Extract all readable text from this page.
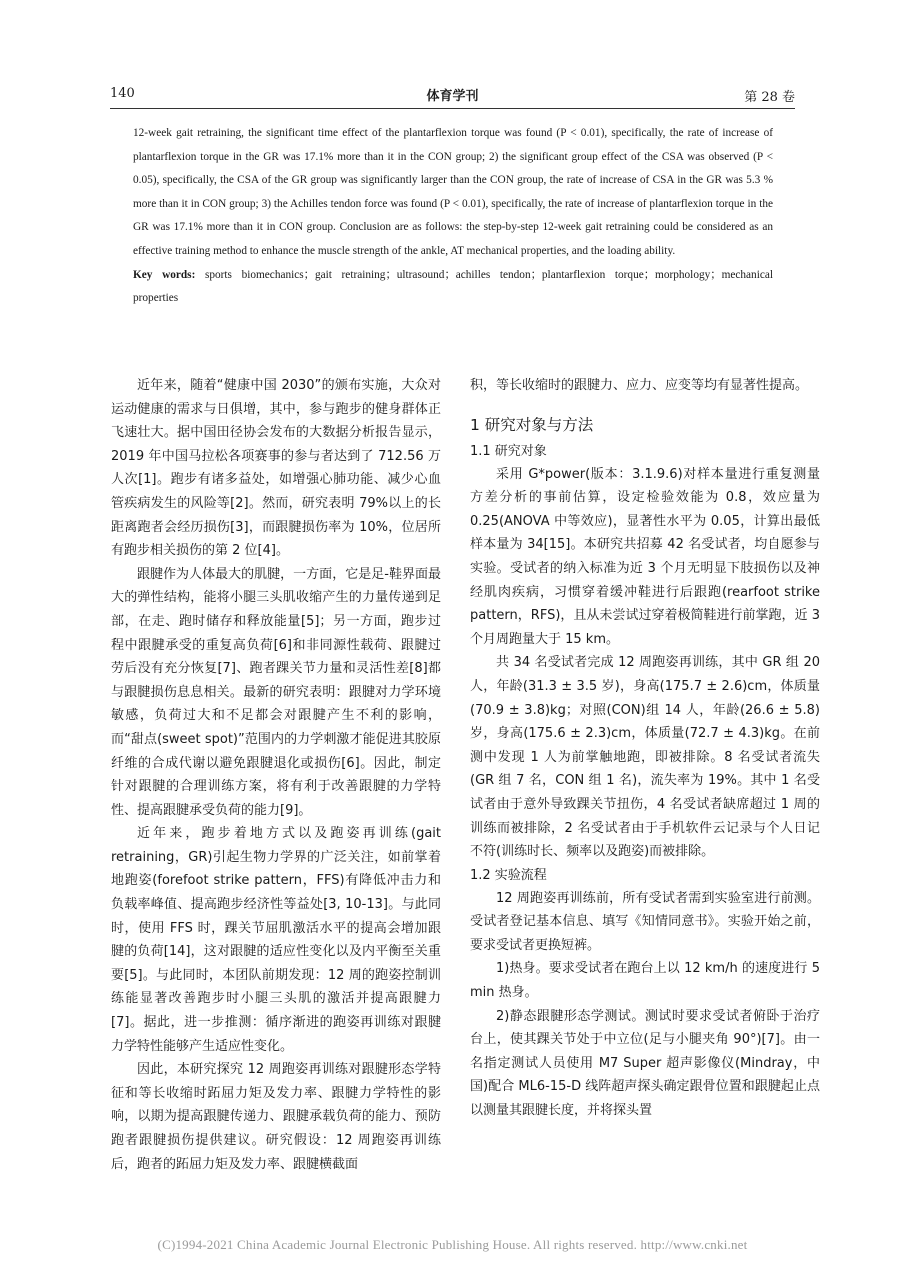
140	体育学刊	第 28 卷

12-week gait retraining, the significant time effect of the plantarflexion torque was found (P < 0.01), specifically, the rate of increase of plantarflexion torque in the GR was 17.1% more than it in the CON group; 2) the significant group effect of the CSA was observed (P < 0.05), specifically, the CSA of the GR group was significantly larger than the CON group, the rate of increase of CSA in the GR was 5.3 % more than it in CON group; 3) the Achilles tendon force was found (P < 0.01), specifically, the rate of increase of plantarflexion torque in the GR was 17.1% more than it in CON group. Conclusion are as follows: the step-by-step 12-week gait retraining could be considered as an effective training method to enhance the muscle strength of the ankle, AT mechanical properties, and the loading ability.

Key words: sports biomechanics；gait retraining；ultrasound；achilles tendon；plantarflexion torque；morphology；mechanical properties

近年来，随着“健康中国 2030”的颁布实施，大众对运动健康的需求与日俱增，其中，参与跑步的健身群体正飞速壮大。据中国田径协会发布的大数据分析报告显示，2019 年中国马拉松各项赛事的参与者达到了 712.56 万人次[1]。跑步有诸多益处，如增强心肺功能、减少心血管疾病发生的风险等[2]。然而，研究表明 79%以上的长距离跑者会经历损伤[3]，而跟腱损伤率为 10%，位居所有跑步相关损伤的第 2 位[4]。

跟腱作为人体最大的肌腱，一方面，它是足-鞋界面最大的弹性结构，能将小腿三头肌收缩产生的力量传递到足部，在走、跑时储存和释放能量[5]；另一方面，跑步过程中跟腱承受的重复高负荷[6]和非同源性载荷、跟腱过劳后没有充分恢复[7]、跑者踝关节力量和灵活性差[8]都与跟腱损伤息息相关。最新的研究表明：跟腱对力学环境敏感，负荷过大和不足都会对跟腱产生不利的影响，而“甜点(sweet spot)”范围内的力学刺激才能促进其胶原纤维的合成代谢以避免跟腱退化或损伤[6]。因此，制定针对跟腱的合理训练方案，将有利于改善跟腱的力学特性、提高跟腱承受负荷的能力[9]。

近年来，跑步着地方式以及跑姿再训练(gait retraining，GR)引起生物力学界的广泛关注，如前掌着地跑姿(forefoot strike pattern，FFS)有降低冲击力和负载率峰值、提高跑步经济性等益处[3, 10-13]。与此同时，使用 FFS 时，踝关节屈肌激活水平的提高会增加跟腱的负荷[14]，这对跟腱的适应性变化以及内平衡至关重要[5]。与此同时，本团队前期发现：12 周的跑姿控制训练能显著改善跑步时小腿三头肌的激活并提高跟腱力[7]。据此，进一步推测：循序渐进的跑姿再训练对跟腱力学特性能够产生适应性变化。

因此，本研究探究 12 周跑姿再训练对跟腱形态学特征和等长收缩时跖屈力矩及发力率、跟腱力学特性的影响，以期为提高跟腱传递力、跟腱承载负荷的能力、预防跑者跟腱损伤提供建议。研究假设：12 周跑姿再训练后，跑者的跖屈力矩及发力率、跟腱横截面

积，等长收缩时的跟腱力、应力、应变等均有显著性提高。

1 研究对象与方法
1.1 研究对象

采用 G*power(版本：3.1.9.6)对样本量进行重复测量方差分析的事前估算，设定检验效能为 0.8，效应量为 0.25(ANOVA 中等效应)，显著性水平为 0.05，计算出最低样本量为 34[15]。本研究共招募 42 名受试者，均自愿参与实验。受试者的纳入标准为近 3 个月无明显下肢损伤以及神经肌肉疾病，习惯穿着缓冲鞋进行后跟跑(rearfoot strike pattern，RFS)，且从未尝试过穿着极简鞋进行前掌跑，近 3 个月周跑量大于 15 km。

共 34 名受试者完成 12 周跑姿再训练，其中 GR 组 20 人，年龄(31.3 ± 3.5 岁)，身高(175.7 ± 2.6)cm，体质量(70.9 ± 3.8)kg；对照(CON)组 14 人，年龄(26.6 ± 5.8)岁，身高(175.6 ± 2.3)cm，体质量(72.7 ± 4.3)kg。在前测中发现 1 人为前掌触地跑，即被排除。8 名受试者流失(GR 组 7 名，CON 组 1 名)，流失率为 19%。其中 1 名受试者由于意外导致踝关节扭伤，4 名受试者缺席超过 1 周的训练而被排除，2 名受试者由于手机软件云记录与个人日记不符(训练时长、频率以及跑姿)而被排除。

1.2 实验流程

12 周跑姿再训练前，所有受试者需到实验室进行前测。受试者登记基本信息、填写《知情同意书》。实验开始之前，要求受试者更换短裤。

1)热身。要求受试者在跑台上以 12 km/h 的速度进行 5 min 热身。

2)静态跟腱形态学测试。测试时要求受试者俯卧于治疗台上，使其踝关节处于中立位(足与小腿夹角 90°)[7]。由一名指定测试人员使用 M7 Super 超声影像仪(Mindray，中国)配合 ML6-15-D 线阵超声探头确定跟骨位置和跟腱起止点以测量其跟腱长度，并将探头置

(C)1994-2021 China Academic Journal Electronic Publishing House. All rights reserved. http://www.cnki.net
